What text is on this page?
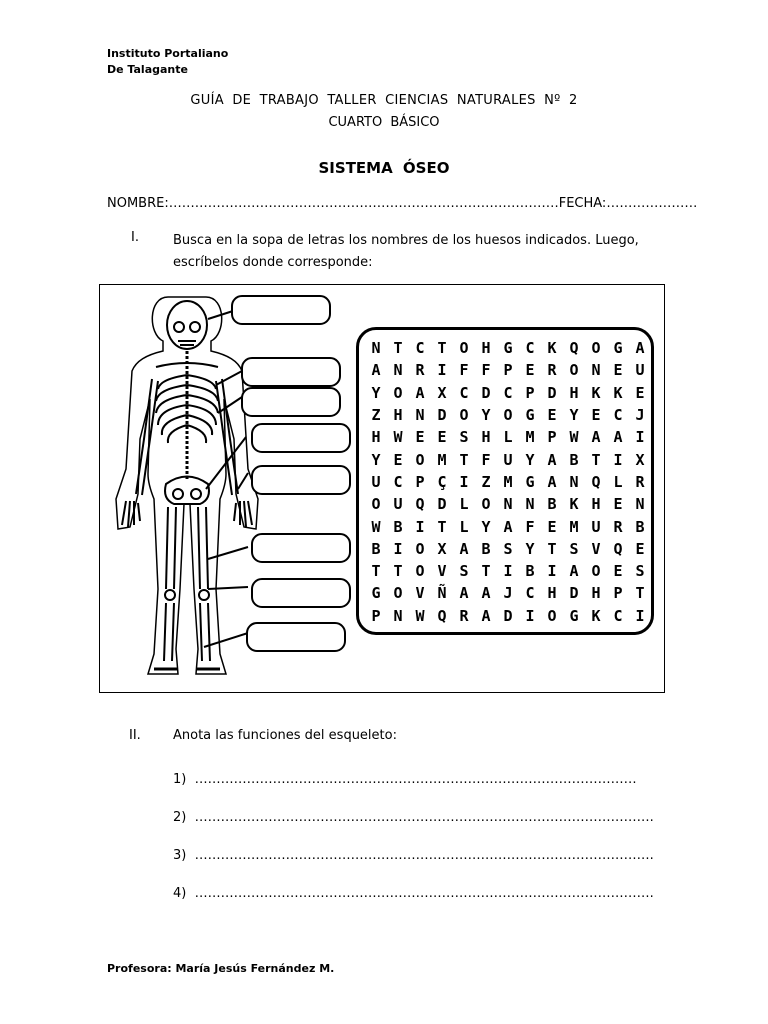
Instituto Portaliano
De Talagante
GUÍA DE TRABAJO TALLER CIENCIAS NATURALES Nº 2
CUARTO BÁSICO
SISTEMA ÓSEO
NOMBRE:………………………………………………………………………………FECHA:…………………
I.	Busca en la sopa de letras los nombres de los huesos indicados. Luego, escríbelos donde corresponde:
N	T	C	T	O	H	G	C	K	Q	O	G	A
A	N	R	I	F	F	P	E	R	O	N	E	U
Y	O	A	X	C	D	C	P	D	H	K	K	E
Z	H	N	D	O	Y	O	G	E	Y	E	C	J
H	W	E	E	S	H	L	M	P	W	A	A	I
Y	E	O	M	T	F	U	Y	A	B	T	I	X
U	C	P	Ç	I	Z	M	G	A	N	Q	L	R
O	U	Q	D	L	O	N	N	B	K	H	E	N
W	B	I	T	L	Y	A	F	E	M	U	R	B
B	I	O	X	A	B	S	Y	T	S	V	Q	E
T	T	O	V	S	T	I	B	I	A	O	E	S
G	O	V	Ñ	A	A	J	C	H	D	H	P	T
P	N	W	Q	R	A	D	I	O	G	K	C	I
II. Anota las funciones del esqueleto:
1) …………………………………………………………………………………………
2) …………………………………………………………………………………………….
3) …………………………………………………………………………………………….
4) …………………………………………………………………………………………….
Profesora: María Jesús Fernández M.
